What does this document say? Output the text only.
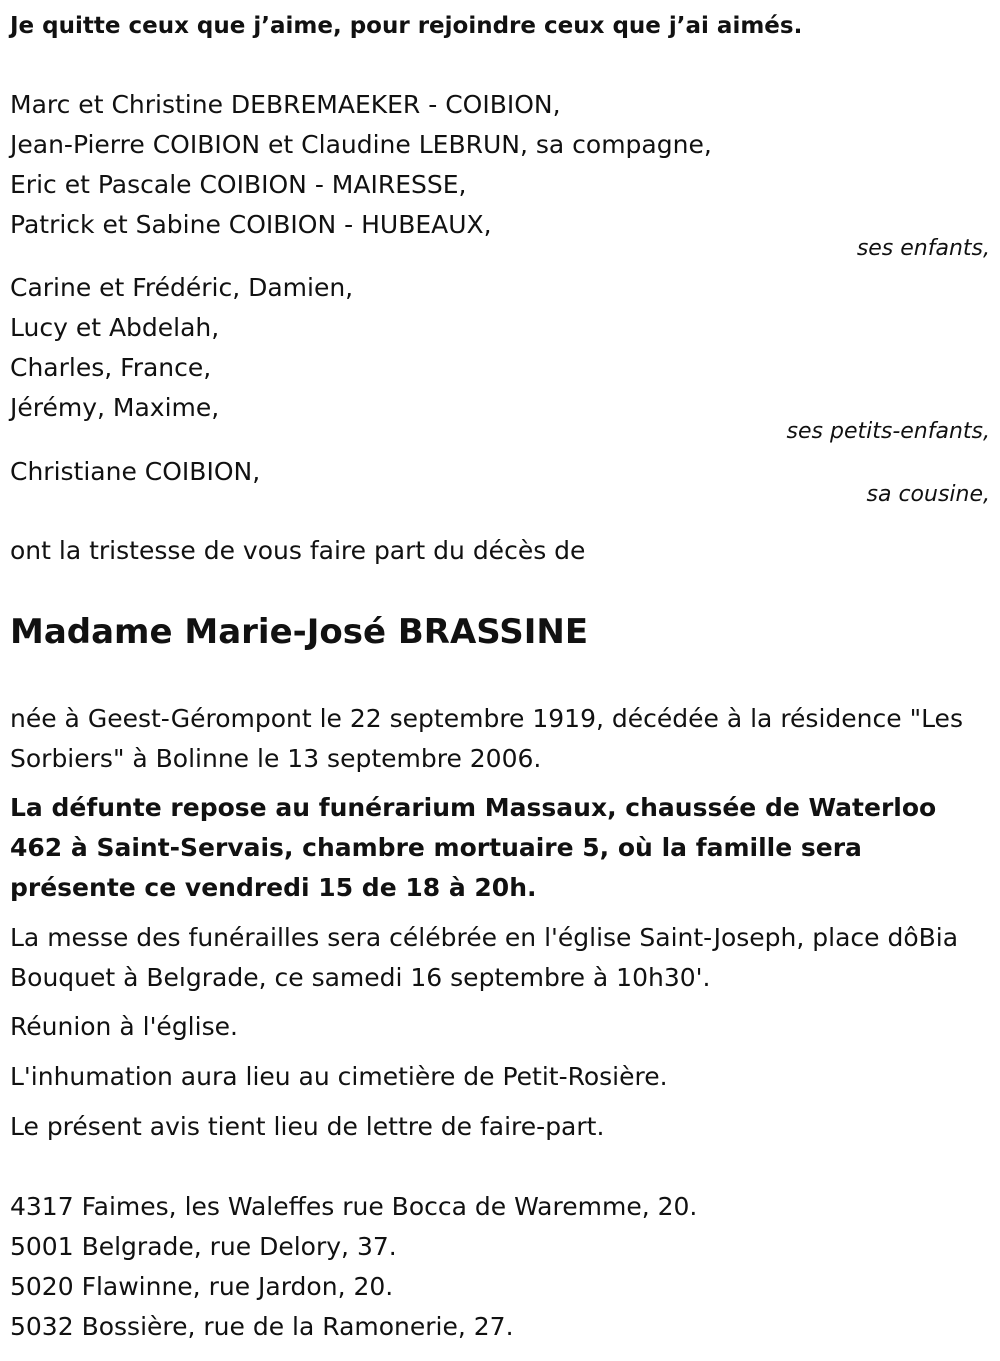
Je quitte ceux que j’aime, pour rejoindre ceux que j’ai aimés.
Marc et Christine DEBREMAEKER - COIBION,
Jean-Pierre COIBION et Claudine LEBRUN, sa compagne,
Eric et Pascale COIBION - MAIRESSE,
Patrick et Sabine COIBION - HUBEAUX,
ses enfants,
Carine et Frédéric, Damien,
Lucy et Abdelah,
Charles, France,
Jérémy, Maxime,
ses petits-enfants,
Christiane COIBION,
sa cousine,
ont la tristesse de vous faire part du décès de
Madame Marie-José BRASSINE
née à Geest-Gérompont le 22 septembre 1919, décédée à la résidence "Les Sorbiers" à Bolinne le 13 septembre 2006.
La défunte repose au funérarium Massaux, chaussée de Waterloo 462 à Saint-Servais, chambre mortuaire 5, où la famille sera présente ce vendredi 15 de 18 à 20h.
La messe des funérailles sera célébrée en l'église Saint-Joseph, place dôBia Bouquet à Belgrade, ce samedi 16 septembre à 10h30'.
Réunion à l'église.
L'inhumation aura lieu au cimetière de Petit-Rosière.
Le présent avis tient lieu de lettre de faire-part.
4317 Faimes, les Waleffes rue Bocca de Waremme, 20.
5001 Belgrade, rue Delory, 37.
5020 Flawinne, rue Jardon, 20.
5032 Bossière, rue de la Ramonerie, 27.
